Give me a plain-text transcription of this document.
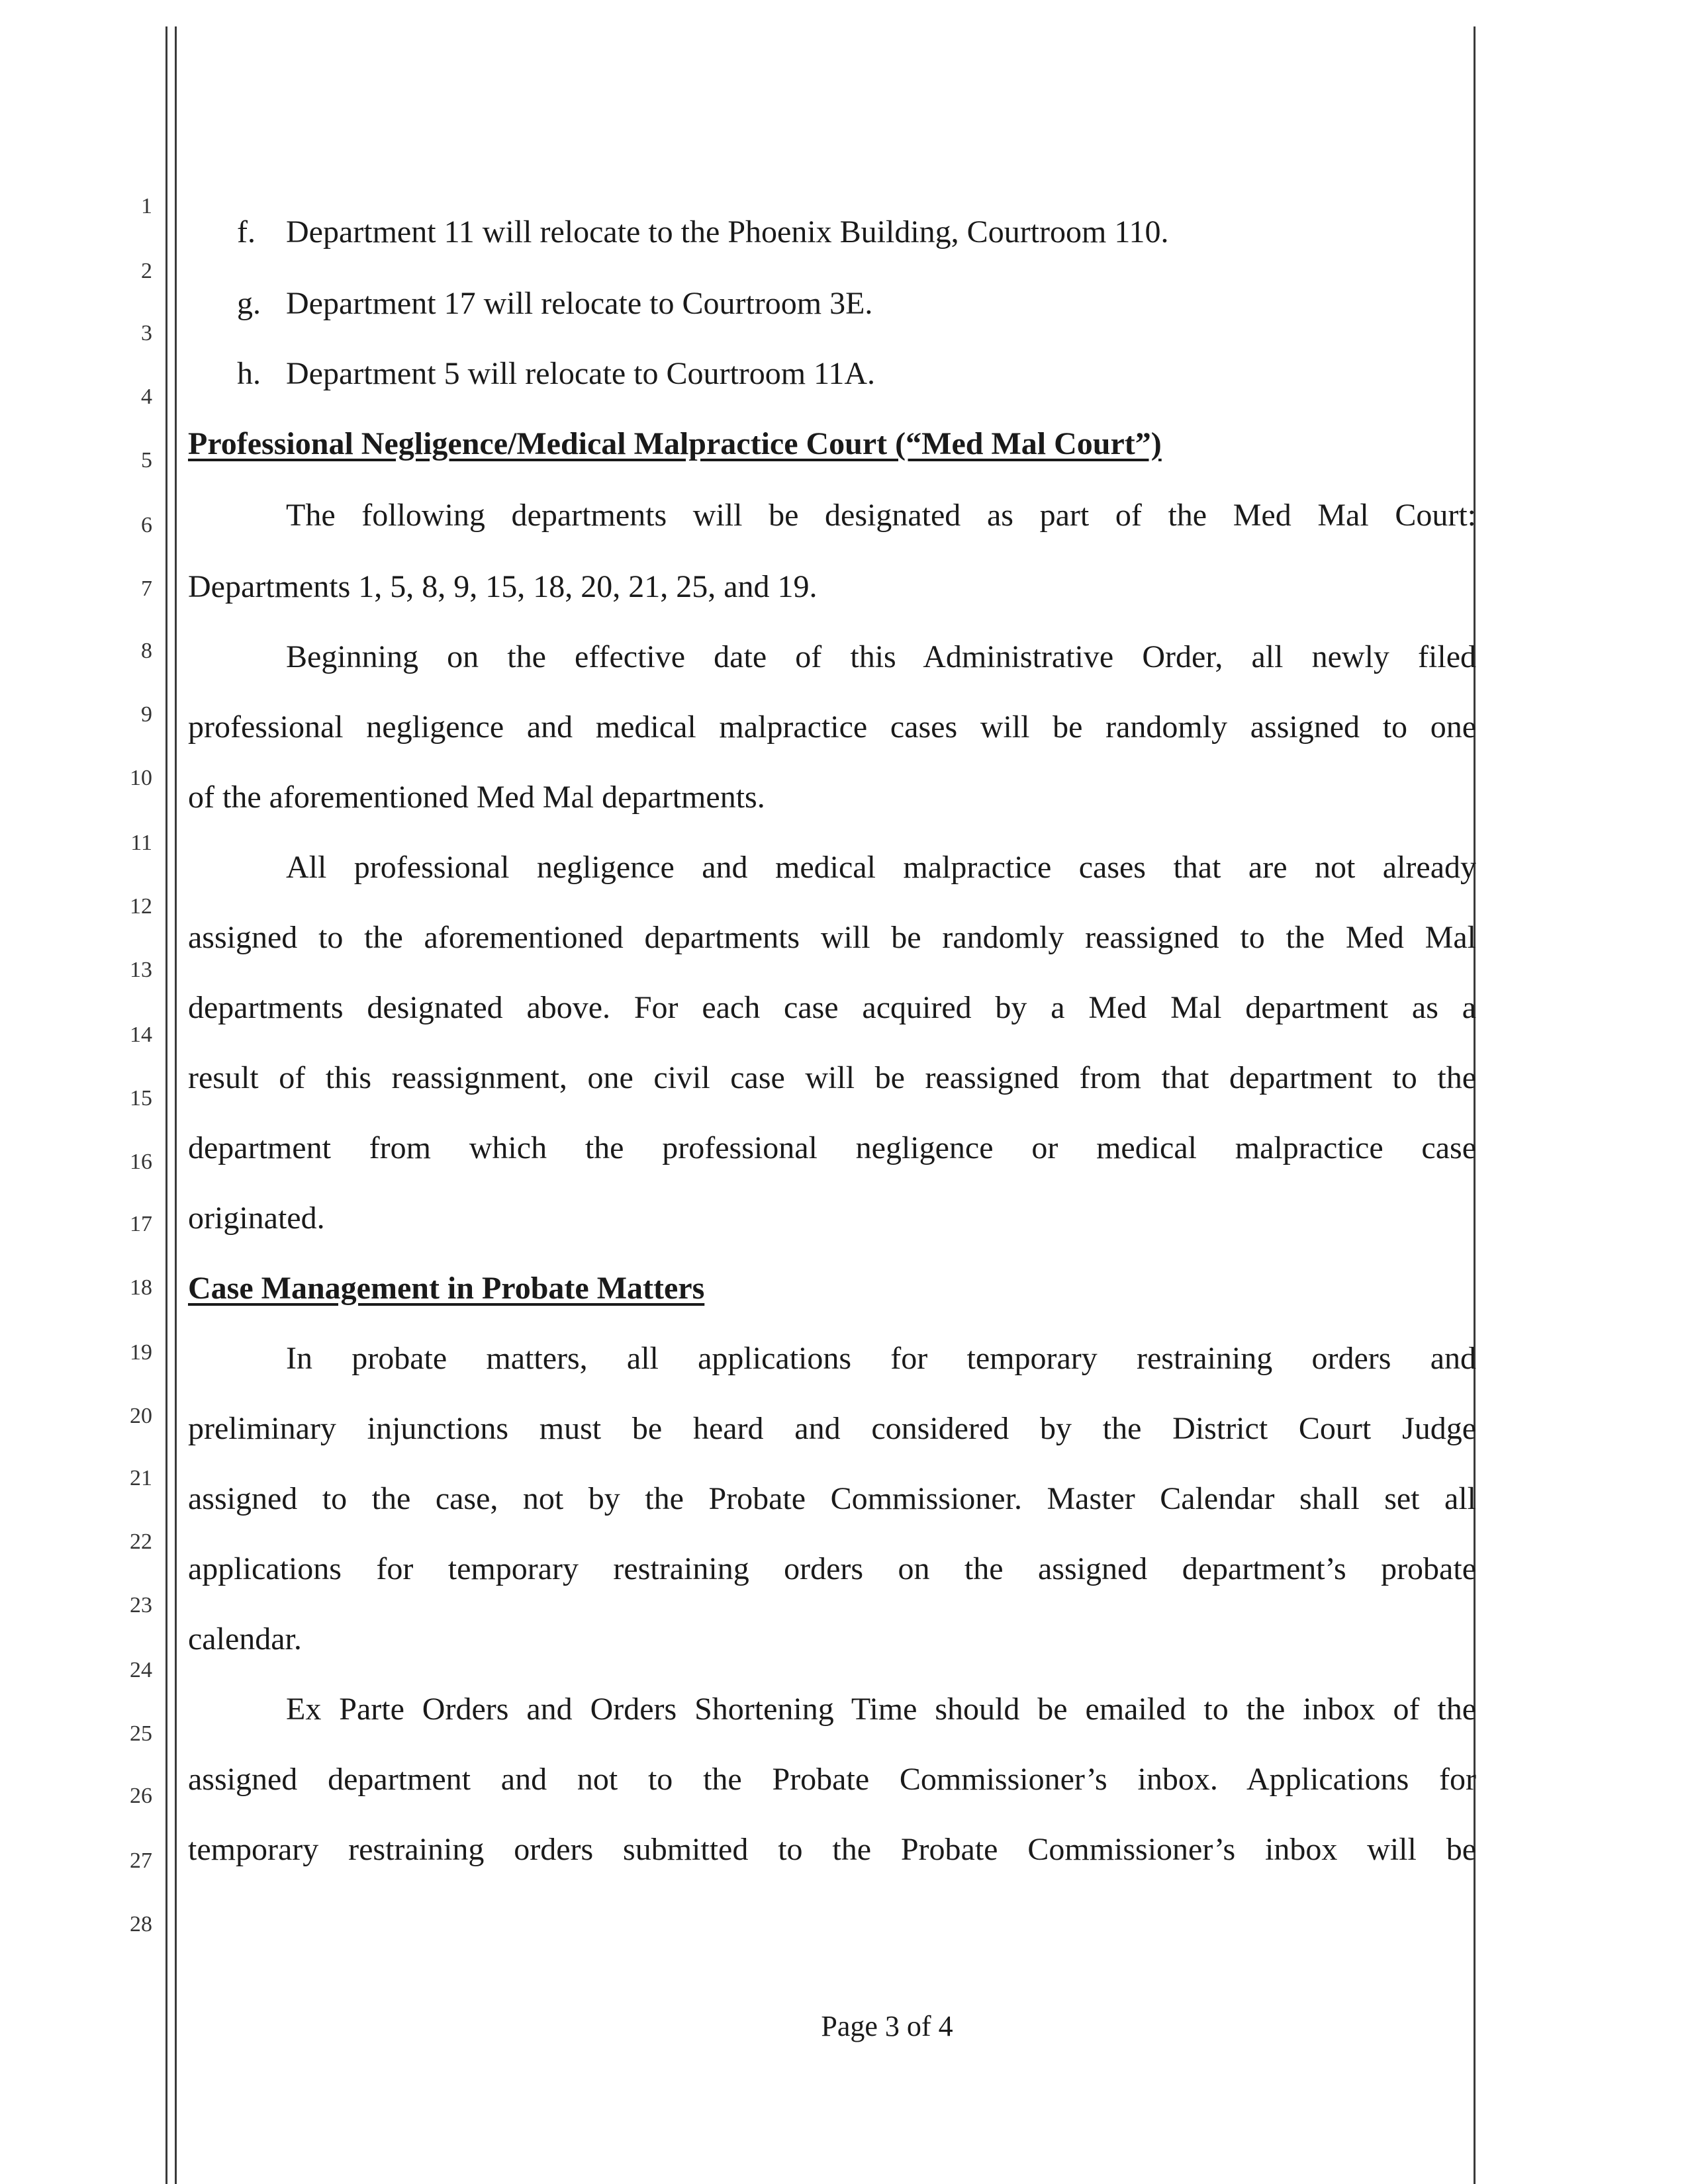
1
2
3
4
5
6
7
8
9
10
11
12
13
14
15
16
17
18
19
20
21
22
23
24
25
26
27
28
f. Department 11 will relocate to the Phoenix Building, Courtroom 110.
g. Department 17 will relocate to Courtroom 3E.
h. Department 5 will relocate to Courtroom 11A.
Professional Negligence/Medical Malpractice Court (“Med Mal Court”)
The following departments will be designated as part of the Med Mal Court:
Departments 1, 5, 8, 9, 15, 18, 20, 21, 25, and 19.
Beginning on the effective date of this Administrative Order, all newly filed
professional negligence and medical malpractice cases will be randomly assigned to one
of the aforementioned Med Mal departments.
All professional negligence and medical malpractice cases that are not already
assigned to the aforementioned departments will be randomly reassigned to the Med Mal
departments designated above. For each case acquired by a Med Mal department as a
result of this reassignment, one civil case will be reassigned from that department to the
department from which the professional negligence or medical malpractice case
originated.
Case Management in Probate Matters
In probate matters, all applications for temporary restraining orders and
preliminary injunctions must be heard and considered by the District Court Judge
assigned to the case, not by the Probate Commissioner. Master Calendar shall set all
applications for temporary restraining orders on the assigned department’s probate
calendar.
Ex Parte Orders and Orders Shortening Time should be emailed to the inbox of the
assigned department and not to the Probate Commissioner’s inbox. Applications for
temporary restraining orders submitted to the Probate Commissioner’s inbox will be
Page 3 of 4
